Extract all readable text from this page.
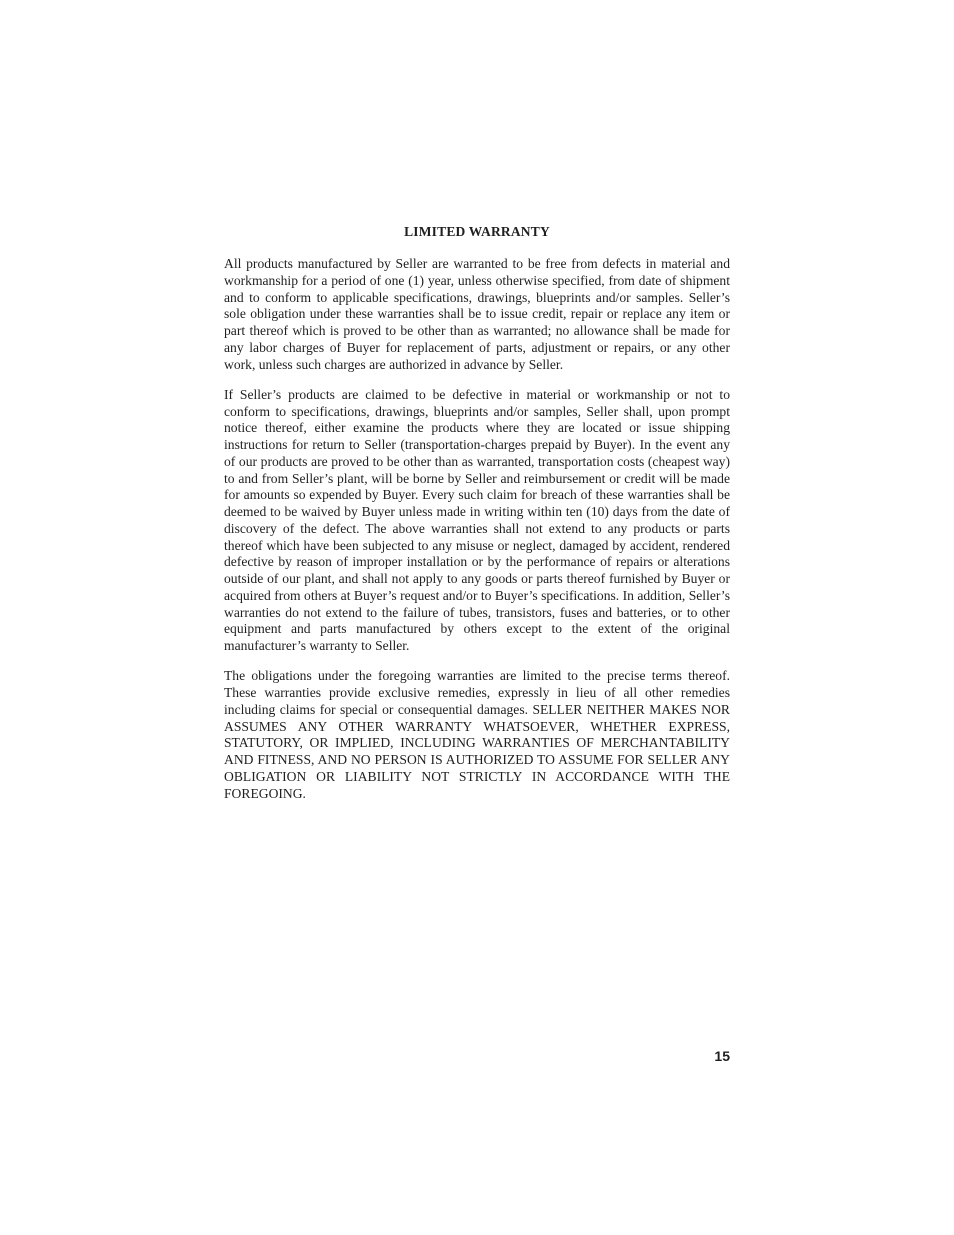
LIMITED WARRANTY

All products manufactured by Seller are warranted to be free from defects in material and workmanship for a period of one (1) year, unless otherwise specified, from date of shipment and to conform to applicable specifications, drawings, blueprints and/or samples. Seller’s sole obligation under these warranties shall be to issue credit, repair or replace any item or part thereof which is proved to be other than as warranted; no allowance shall be made for any labor charges of Buyer for replacement of parts, adjustment or repairs, or any other work, unless such charges are authorized in advance by Seller.

If Seller’s products are claimed to be defective in material or workmanship or not to conform to specifications, drawings, blueprints and/or samples, Seller shall, upon prompt notice thereof, either examine the products where they are located or issue shipping instructions for return to Seller (transportation-charges prepaid by Buyer). In the event any of our products are proved to be other than as warranted, transportation costs (cheapest way) to and from Seller’s plant, will be borne by Seller and reimbursement or credit will be made for amounts so expended by Buyer. Every such claim for breach of these warranties shall be deemed to be waived by Buyer unless made in writing within ten (10) days from the date of discovery of the defect. The above warranties shall not extend to any products or parts thereof which have been subjected to any misuse or neglect, damaged by accident, rendered defective by reason of improper installation or by the performance of repairs or alterations outside of our plant, and shall not apply to any goods or parts thereof furnished by Buyer or acquired from others at Buyer’s request and/or to Buyer’s specifications. In addition, Seller’s warranties do not extend to the failure of tubes, transistors, fuses and batteries, or to other equipment and parts manufactured by others except to the extent of the original manufacturer’s warranty to Seller.

The obligations under the foregoing warranties are limited to the precise terms thereof. These warranties provide exclusive remedies, expressly in lieu of all other remedies including claims for special or consequential damages. SELLER NEITHER MAKES NOR ASSUMES ANY OTHER WARRANTY WHATSOEVER, WHETHER EXPRESS, STATUTORY, OR IMPLIED, INCLUDING WARRANTIES OF MERCHANTABILITY AND FITNESS, AND NO PERSON IS AUTHORIZED TO ASSUME FOR SELLER ANY OBLIGATION OR LIABILITY NOT STRICTLY IN ACCORDANCE WITH THE FOREGOING.

15
